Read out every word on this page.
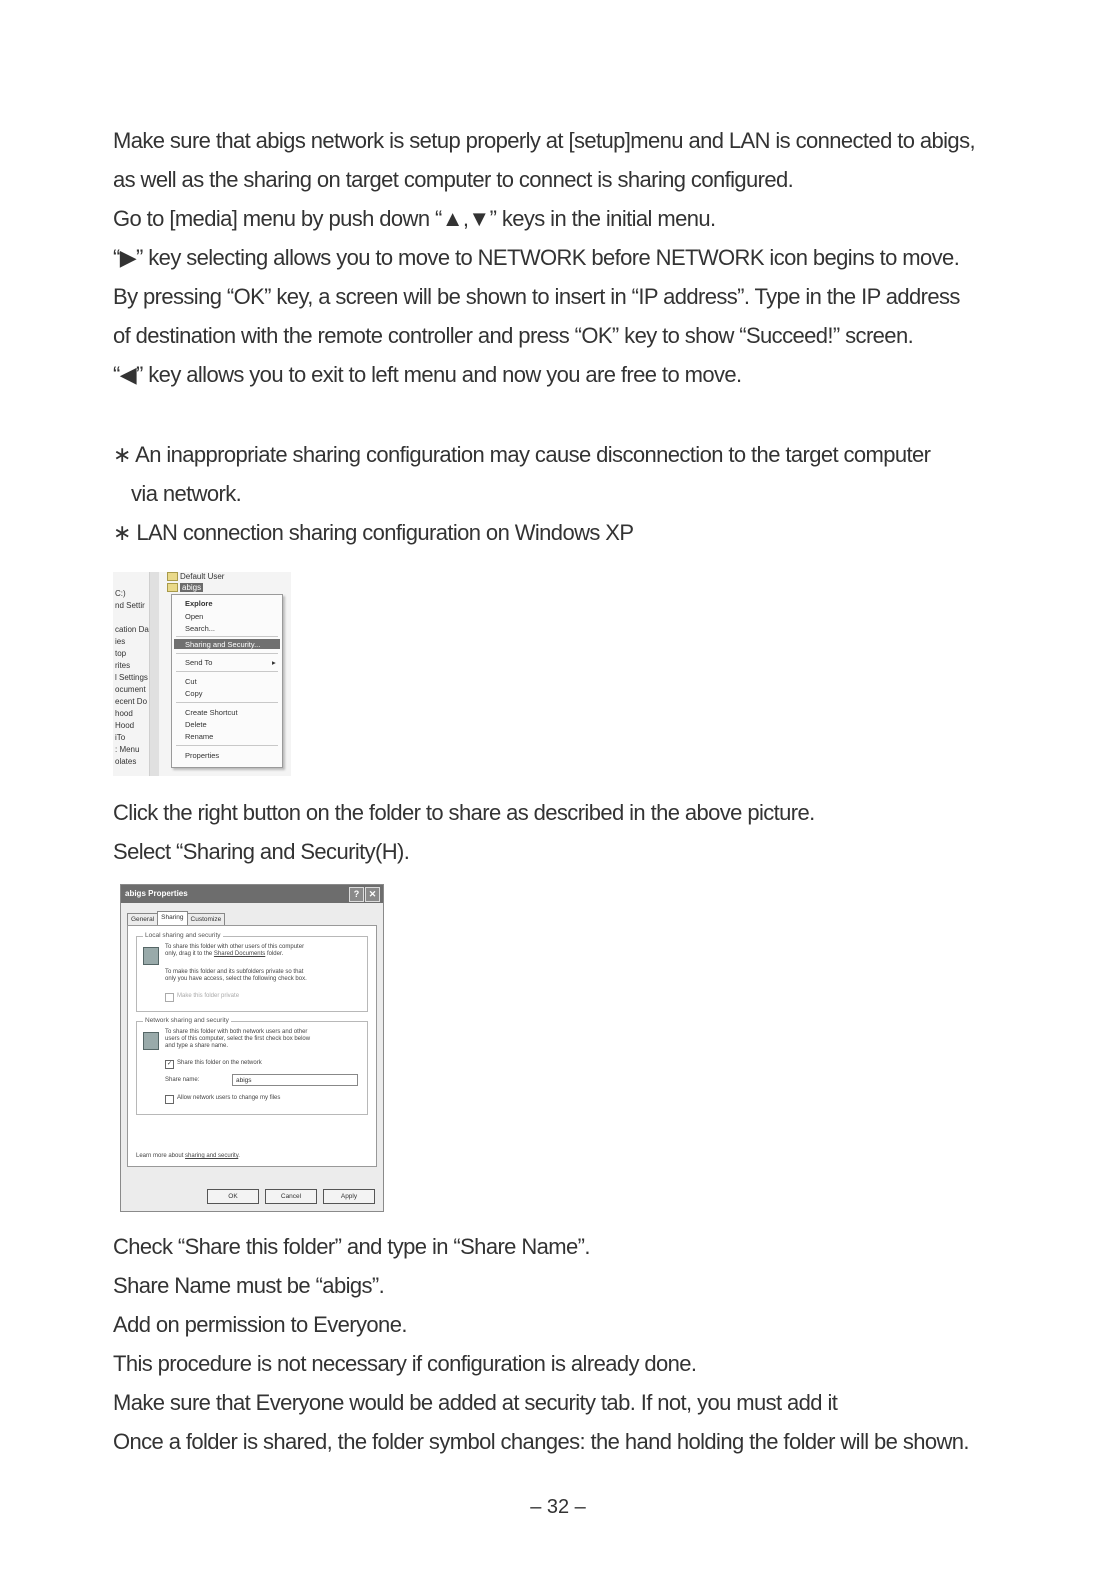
Make sure that abigs network is setup properly at [setup]menu and LAN is connected to abigs,
as well as the sharing on target computer to connect is sharing configured.
Go to [media] menu by push down “▲,▼” keys in the initial menu.
“▶” key selecting allows you to move to NETWORK before NETWORK icon begins to move.
By pressing “OK” key, a screen will be shown to insert in “IP address”. Type in the IP address
of destination with the remote controller and press “OK” key to show “Succeed!” screen.
“◀” key allows you to exit to left menu and now you are free to move.
∗ An inappropriate sharing configuration may cause disconnection to the target computer
via network.
∗ LAN connection sharing configuration on Windows XP
C:)
nd Settir
cation Da
ies
top
rites
l Settings
ocument
ecent Do
hood
Hood
iTo
: Menu
olates
Default User
abigs
Explore
Open
Search...
Sharing and Security...
Send To	▸
Cut
Copy
Create Shortcut
Delete
Rename
Properties
Click the right button on the folder to share as described in the above picture.
Select “Sharing and Security(H).
abigs Properties	?	✕
General Sharing Customize
Local sharing and security
To share this folder with other users of this computer
only, drag it to the Shared Documents folder.
To make this folder and its subfolders private so that
only you have access, select the following check box.
Make this folder private
Network sharing and security
To share this folder with both network users and other
users of this computer, select the first check box below
and type a share name.
✓ Share this folder on the network
Share name:	abigs
Allow network users to change my files
Learn more about sharing and security.
OK	Cancel	Apply
Check “Share this folder” and type in “Share Name”.
Share Name must be “abigs”.
Add on permission to Everyone.
This procedure is not necessary if configuration is already done.
Make sure that Everyone would be added at security tab. If not, you must add it
Once a folder is shared, the folder symbol changes: the hand holding the folder will be shown.
– 32 –
